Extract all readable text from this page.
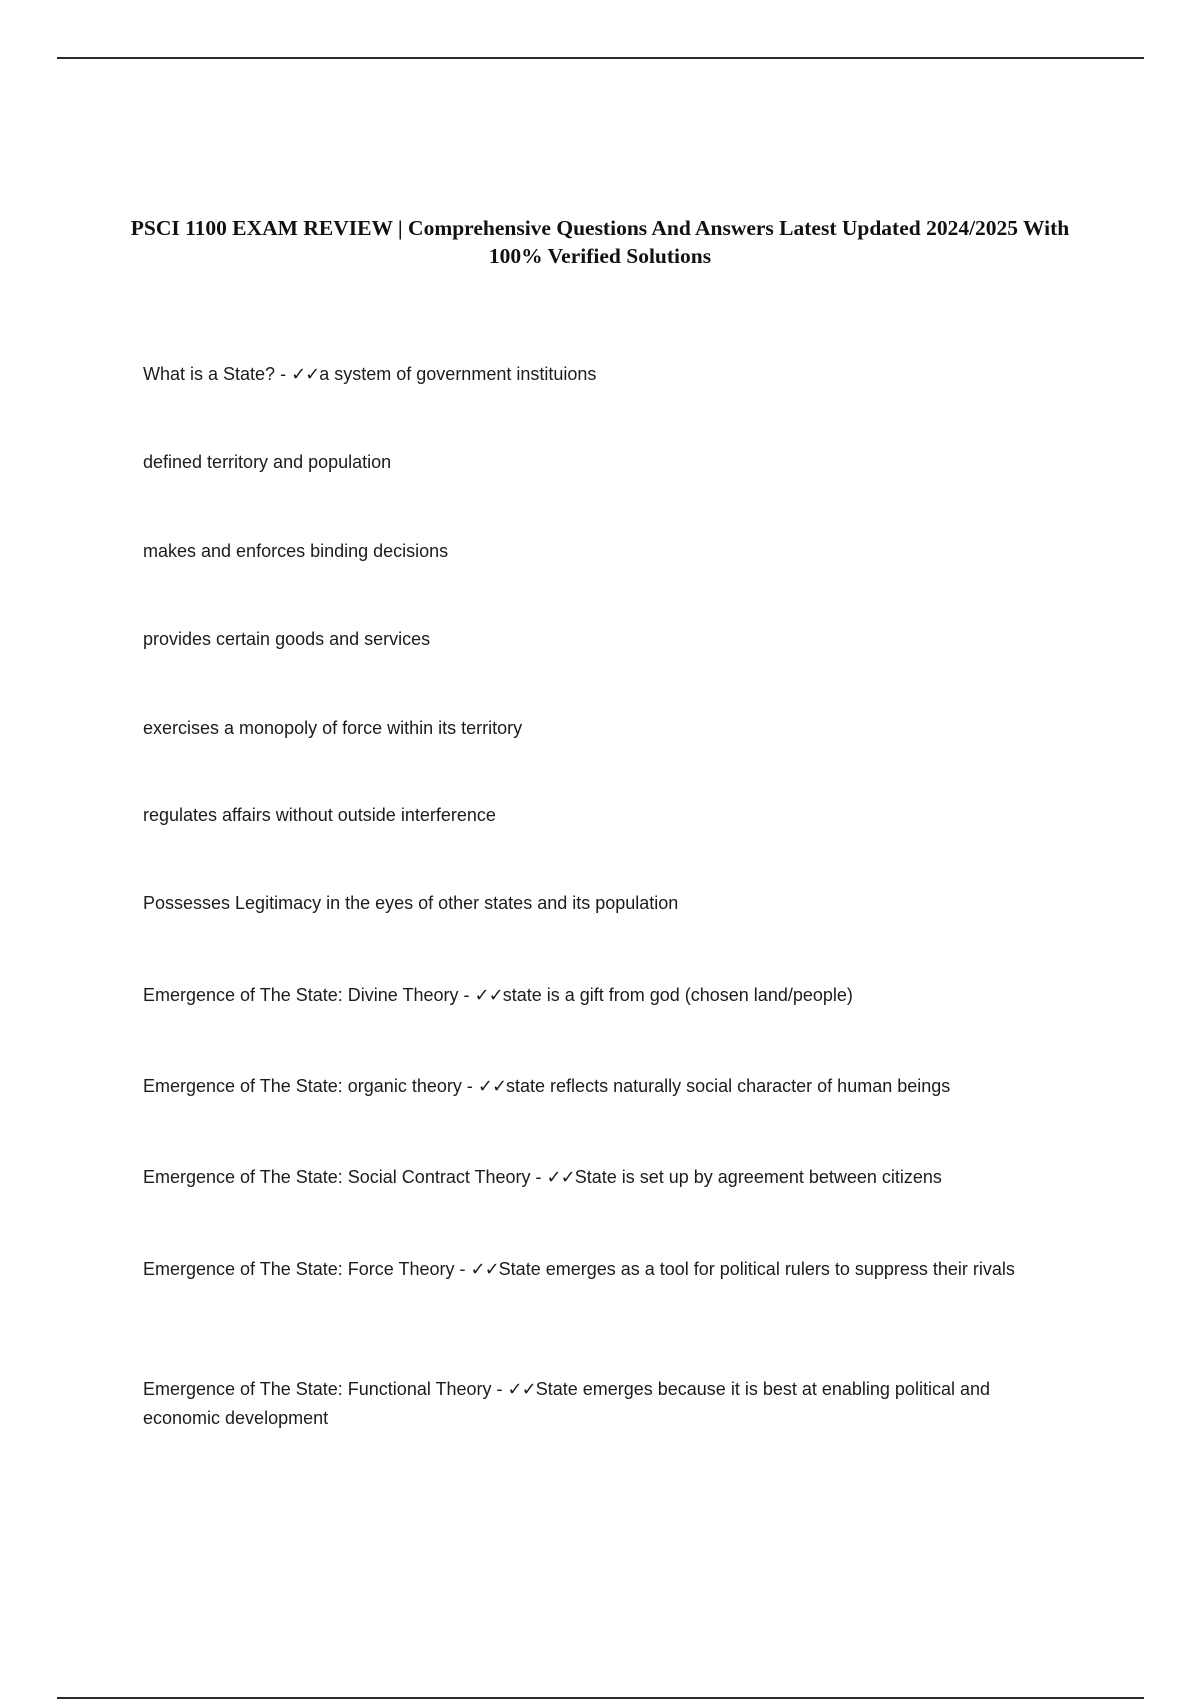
PSCI 1100 EXAM REVIEW | Comprehensive Questions And Answers Latest Updated 2024/2025 With 100% Verified Solutions
What is a State? - ✓✓a system of government instituions
defined territory and population
makes and enforces binding decisions
provides certain goods and services
exercises a monopoly of force within its territory
regulates affairs without outside interference
Possesses Legitimacy in the eyes of other states and its population
Emergence of The State: Divine Theory - ✓✓state is a gift from god (chosen land/people)
Emergence of The State: organic theory - ✓✓state reflects naturally social character of human beings
Emergence of The State: Social Contract Theory - ✓✓State is set up by agreement between citizens
Emergence of The State: Force Theory - ✓✓State emerges as a tool for political rulers to suppress their rivals
Emergence of The State: Functional Theory - ✓✓State emerges because it is best at enabling political and economic development
